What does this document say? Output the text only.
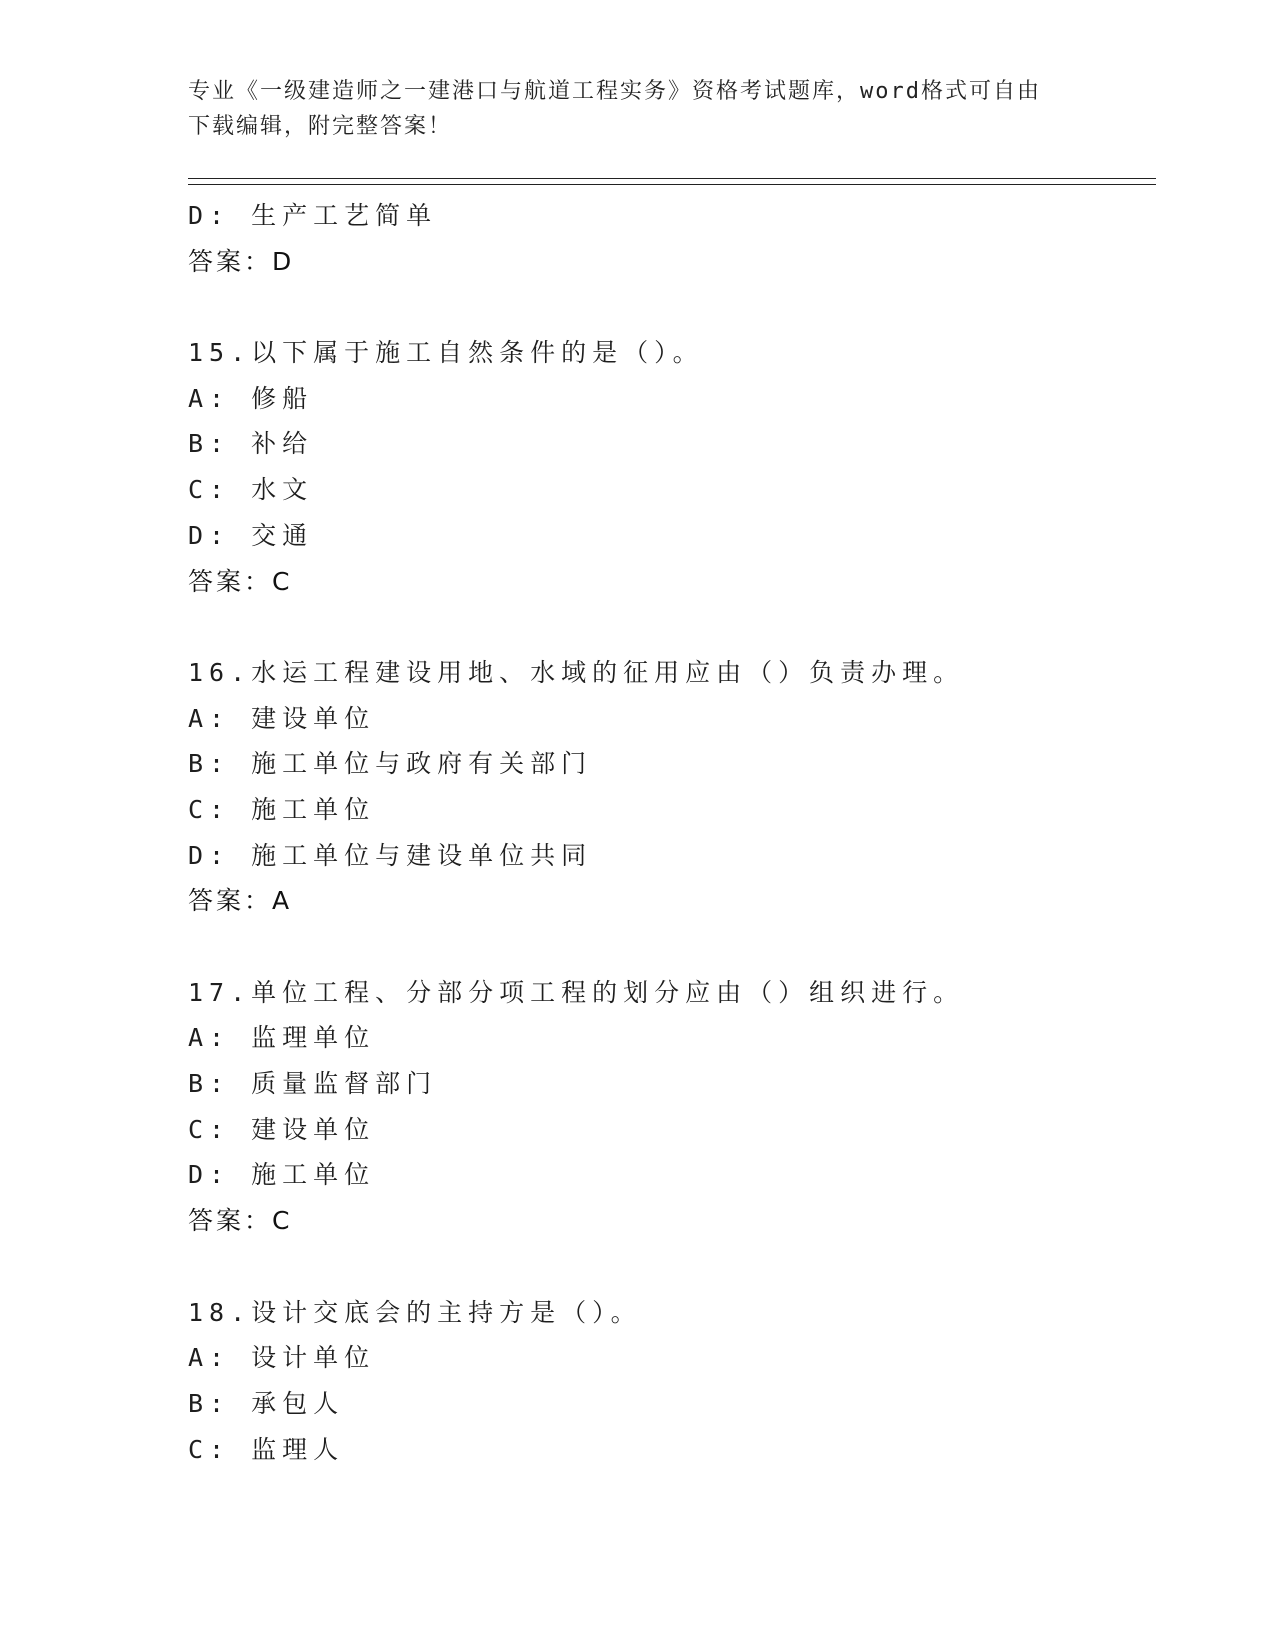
专业《一级建造师之一建港口与航道工程实务》资格考试题库，word格式可自由
下载编辑，附完整答案！
D: 生产工艺简单
答案：D
15.以下属于施工自然条件的是（）。
A: 修船
B: 补给
C: 水文
D: 交通
答案：C
16.水运工程建设用地、水域的征用应由（）负责办理。
A: 建设单位
B: 施工单位与政府有关部门
C: 施工单位
D: 施工单位与建设单位共同
答案：A
17.单位工程、分部分项工程的划分应由（）组织进行。
A: 监理单位
B: 质量监督部门
C: 建设单位
D: 施工单位
答案：C
18.设计交底会的主持方是（）。
A: 设计单位
B: 承包人
C: 监理人
